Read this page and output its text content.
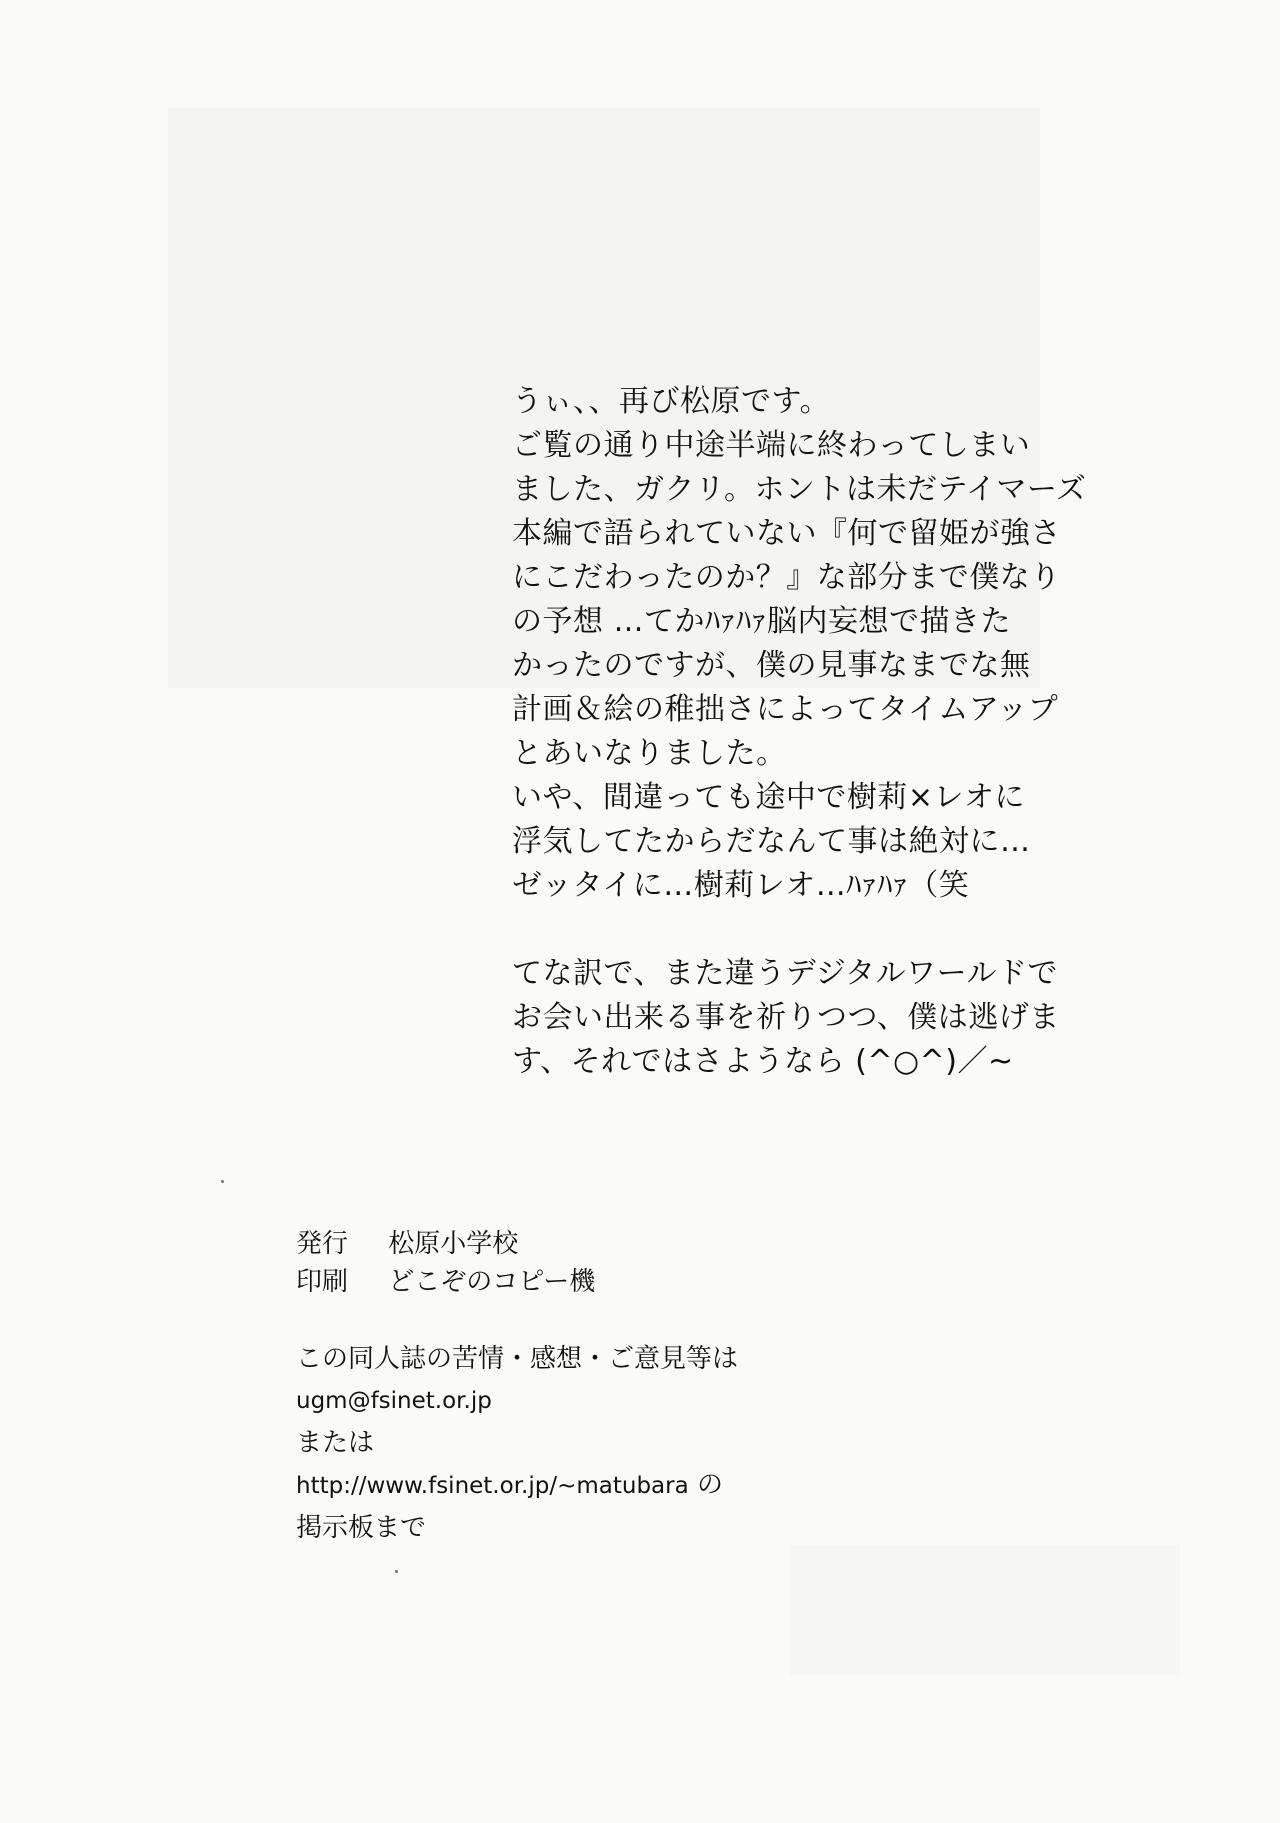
うぃ、、再び松原です。
ご覧の通り中途半端に終わってしまい
ました、ガクリ。ホントは未だテイマーズ
本編で語られていない『何で留姫が強さ
にこだわったのか？』な部分まで僕なり
の予想 …てかﾊｧﾊｧ脳内妄想で描きた
かったのですが、僕の見事なまでな無
計画＆絵の稚拙さによってタイムアップ
とあいなりました。
いや、間違っても途中で樹莉×レオに
浮気してたからだなんて事は絶対に…
ゼッタイに…樹莉レオ…ﾊｧﾊｧ（笑
てな訳で、また違うデジタルワールドで
お会い出来る事を祈りつつ、僕は逃げま
す、それではさようなら (^○^)／~
発行 松原小学校
印刷 どこぞのコピー機
この同人誌の苦情・感想・ご意見等は
ugm@fsinet.or.jp
または
http://www.fsinet.or.jp/~matubara の
掲示板まで
